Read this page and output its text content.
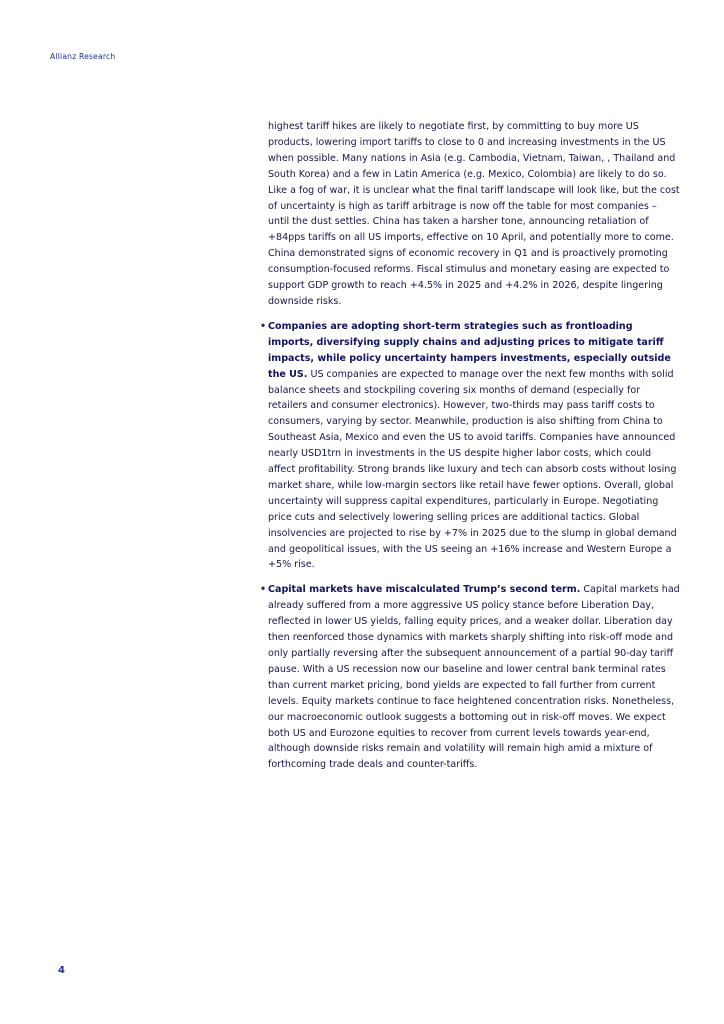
Allianz Research

highest tariff hikes are likely to negotiate first, by committing to buy more US products, lowering import tariffs to close to 0 and increasing investments in the US when possible. Many nations in Asia (e.g. Cambodia, Vietnam, Taiwan, , Thailand and South Korea) and a few in Latin America (e.g. Mexico, Colombia) are likely to do so. Like a fog of war, it is unclear what the final tariff landscape will look like, but the cost of uncertainty is high as tariff arbitrage is now off the table for most companies – until the dust settles. China has taken a harsher tone, announcing retaliation of +84pps tariffs on all US imports, effective on 10 April, and potentially more to come. China demonstrated signs of economic recovery in Q1 and is proactively promoting consumption-focused reforms. Fiscal stimulus and monetary easing are expected to support GDP growth to reach +4.5% in 2025 and +4.2% in 2026, despite lingering downside risks.

• Companies are adopting short-term strategies such as frontloading imports, diversifying supply chains and adjusting prices to mitigate tariff impacts, while policy uncertainty hampers investments, especially outside the US. US companies are expected to manage over the next few months with solid balance sheets and stockpiling covering six months of demand (especially for retailers and consumer electronics). However, two-thirds may pass tariff costs to consumers, varying by sector. Meanwhile, production is also shifting from China to Southeast Asia, Mexico and even the US to avoid tariffs. Companies have announced nearly USD1trn in investments in the US despite higher labor costs, which could affect profitability. Strong brands like luxury and tech can absorb costs without losing market share, while low-margin sectors like retail have fewer options. Overall, global uncertainty will suppress capital expenditures, particularly in Europe. Negotiating price cuts and selectively lowering selling prices are additional tactics. Global insolvencies are projected to rise by +7% in 2025 due to the slump in global demand and geopolitical issues, with the US seeing an +16% increase and Western Europe a +5% rise.

• Capital markets have miscalculated Trump’s second term. Capital markets had already suffered from a more aggressive US policy stance before Liberation Day, reflected in lower US yields, falling equity prices, and a weaker dollar. Liberation day then reenforced those dynamics with markets sharply shifting into risk-off mode and only partially reversing after the subsequent announcement of a partial 90-day tariff pause. With a US recession now our baseline and lower central bank terminal rates than current market pricing, bond yields are expected to fall further from current levels. Equity markets continue to face heightened concentration risks. Nonetheless, our macroeconomic outlook suggests a bottoming out in risk-off moves. We expect both US and Eurozone equities to recover from current levels towards year-end, although downside risks remain and volatility will remain high amid a mixture of forthcoming trade deals and counter-tariffs.

4
